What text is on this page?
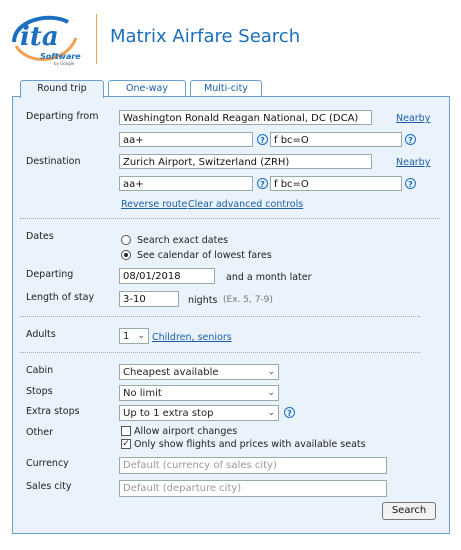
ita
Software
by Google
Matrix Airfare Search
Round trip	One-way	Multi-city
Departing from	Washington Ronald Reagan National, DC (DCA)	Nearby
aa+	? f bc=O	?
Destination	Zurich Airport, Switzerland (ZRH)	Nearby
aa+	? f bc=O	?
Reverse route Clear advanced controls
Dates	Search exact dates
See calendar of lowest fares
Departing	08/01/2018	and a month later
Length of stay	3-10	nights (Ex. 5, 7-9)
Adults	1 ⌄ Children, seniors
Cabin	Cheapest available	⌄
Stops	No limit	⌄
Extra stops	Up to 1 extra stop	⌄	?
Other	Allow airport changes
✓ Only show flights and prices with available seats
Currency	Default (currency of sales city)
Sales city	Default (departure city)
Search
